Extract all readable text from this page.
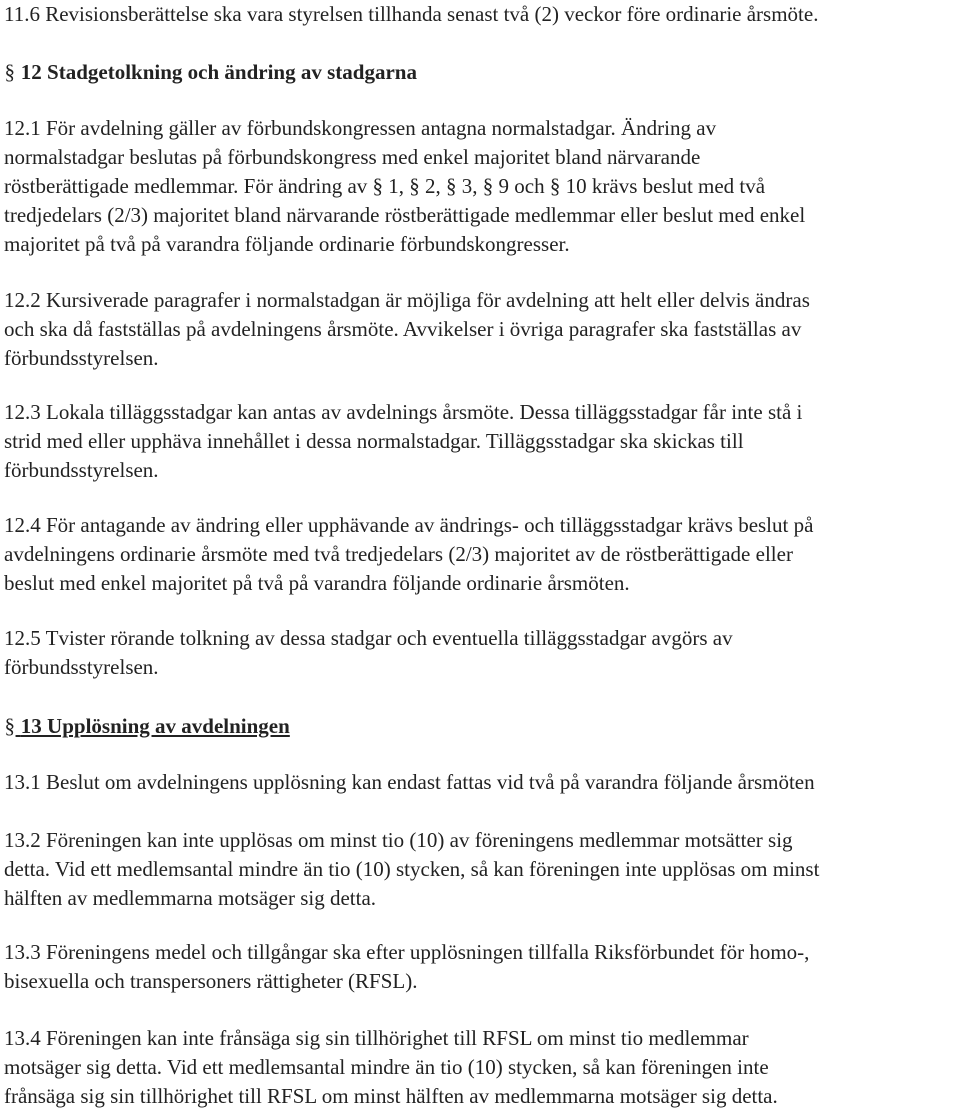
11.6 Revisionsberättelse ska vara styrelsen tillhanda senast två (2) veckor före ordinarie årsmöte.
§ 12 Stadgetolkning och ändring av stadgarna
12.1 För avdelning gäller av förbundskongressen antagna normalstadgar. Ändring av
normalstadgar beslutas på förbundskongress med enkel majoritet bland närvarande
röstberättigade medlemmar. För ändring av § 1, § 2, § 3, § 9 och § 10 krävs beslut med två
tredjedelars (2/3) majoritet bland närvarande röstberättigade medlemmar eller beslut med enkel
majoritet på två på varandra följande ordinarie förbundskongresser.
12.2 Kursiverade paragrafer i normalstadgan är möjliga för avdelning att helt eller delvis ändras
och ska då fastställas på avdelningens årsmöte. Avvikelser i övriga paragrafer ska fastställas av
förbundsstyrelsen.
12.3 Lokala tilläggsstadgar kan antas av avdelnings årsmöte. Dessa tilläggsstadgar får inte stå i
strid med eller upphäva innehållet i dessa normalstadgar. Tilläggsstadgar ska skickas till
förbundsstyrelsen.
12.4 För antagande av ändring eller upphävande av ändrings- och tilläggsstadgar krävs beslut på
avdelningens ordinarie årsmöte med två tredjedelars (2/3) majoritet av de röstberättigade eller
beslut med enkel majoritet på två på varandra följande ordinarie årsmöten.
12.5 Tvister rörande tolkning av dessa stadgar och eventuella tilläggsstadgar avgörs av
förbundsstyrelsen.
§ 13 Upplösning av avdelningen
13.1 Beslut om avdelningens upplösning kan endast fattas vid två på varandra följande årsmöten
13.2 Föreningen kan inte upplösas om minst tio (10) av föreningens medlemmar motsätter sig
detta. Vid ett medlemsantal mindre än tio (10) stycken, så kan föreningen inte upplösas om minst
hälften av medlemmarna motsäger sig detta.
13.3 Föreningens medel och tillgångar ska efter upplösningen tillfalla Riksförbundet för homo-,
bisexuella och transpersoners rättigheter (RFSL).
13.4 Föreningen kan inte frånsäga sig sin tillhörighet till RFSL om minst tio medlemmar
motsäger sig detta. Vid ett medlemsantal mindre än tio (10) stycken, så kan föreningen inte
frånsäga sig sin tillhörighet till RFSL om minst hälften av medlemmarna motsäger sig detta.
